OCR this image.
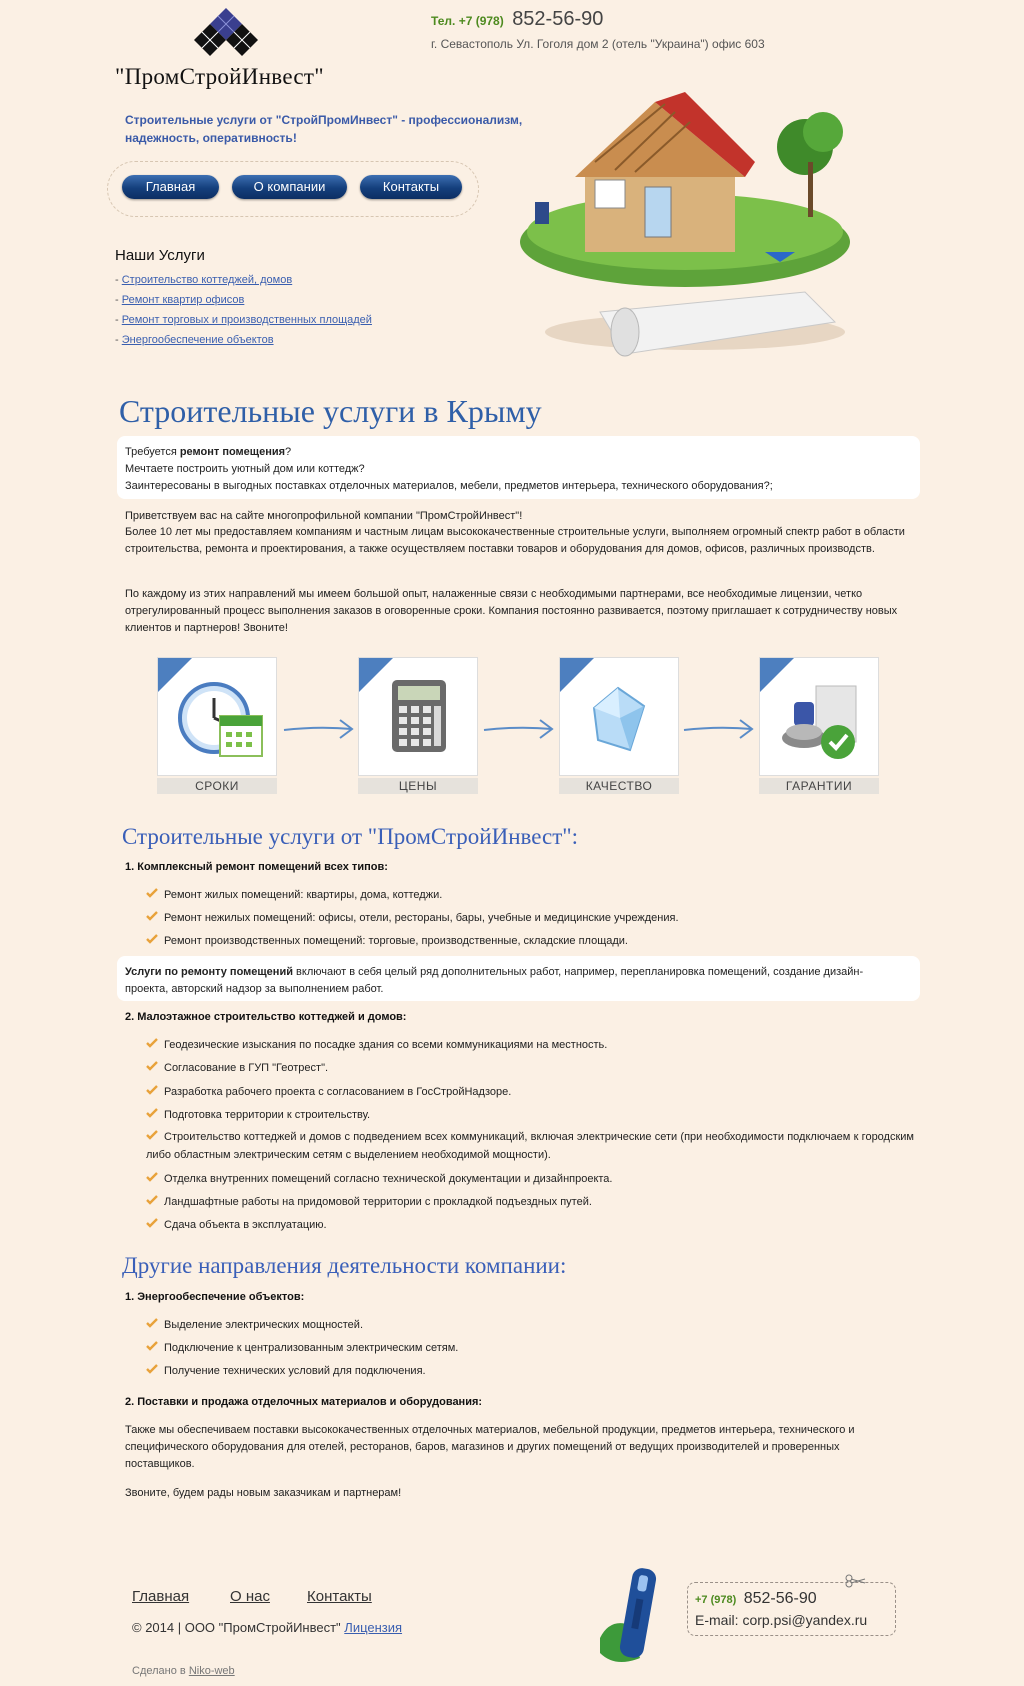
"ПромСтройИнвест"
Тел. +7 (978) 852-56-90
г. Севастополь Ул. Гоголя дом 2 (отель "Украина") офис 603
Строительные услуги от "СтройПромИнвест" - профессионализм, надежность, оперативность!
Главная	О компании	Контакты
Наши Услуги
- Строительство коттеджей, домов
- Ремонт квартир офисов
- Ремонт торговых и производственных площадей
- Энергообеспечение объектов
Строительные услуги в Крыму
Требуется ремонт помещения?
Мечтаете построить уютный дом или коттедж?
Заинтересованы в выгодных поставках отделочных материалов, мебели, предметов интерьера, технического оборудования?;
Приветствуем вас на сайте многопрофильной компании "ПромСтройИнвест"!
Более 10 лет мы предоставляем компаниям и частным лицам высококачественные строительные услуги, выполняем огромный спектр работ в области строительства, ремонта и проектирования, а также осуществляем поставки товаров и оборудования для домов, офисов, различных производств.
По каждому из этих направлений мы имеем большой опыт, налаженные связи с необходимыми партнерами, все необходимые лицензии, четко отрегулированный процесс выполнения заказов в оговоренные сроки. Компания постоянно развивается, поэтому приглашает к сотрудничеству новых клиентов и партнеров! Звоните!
СРОКИ	ЦЕНЫ	КАЧЕСТВО	ГАРАНТИИ
Строительные услуги от "ПромСтройИнвест":
1. Комплексный ремонт помещений всех типов:
Ремонт жилых помещений: квартиры, дома, коттеджи.
Ремонт нежилых помещений: офисы, отели, рестораны, бары, учебные и медицинские учреждения.
Ремонт производственных помещений: торговые, производственные, складские площади.
Услуги по ремонту помещений включают в себя целый ряд дополнительных работ, например, перепланировка помещений, создание дизайн-проекта, авторский надзор за выполнением работ.
2. Малоэтажное строительство коттеджей и домов:
Геодезические изыскания по посадке здания со всеми коммуникациями на местность.
Согласование в ГУП "Геотрест".
Разработка рабочего проекта с согласованием в ГосСтройНадзоре.
Подготовка территории к строительству.
Строительство коттеджей и домов с подведением всех коммуникаций, включая электрические сети (при необходимости подключаем к городским либо областным электрическим сетям с выделением необходимой мощности).
Отделка внутренних помещений согласно технической документации и дизайнпроекта.
Ландшафтные работы на придомовой территории с прокладкой подъездных путей.
Сдача объекта в эксплуатацию.
Другие направления деятельности компании:
1. Энергообеспечение объектов:
Выделение электрических мощностей.
Подключение к централизованным электрическим сетям.
Получение технических условий для подключения.
2. Поставки и продажа отделочных материалов и оборудования:
Также мы обеспечиваем поставки высококачественных отделочных материалов, мебельной продукции, предметов интерьера, технического и специфического оборудования для отелей, ресторанов, баров, магазинов и других помещений от ведущих производителей и проверенных поставщиков.
Звоните, будем рады новым заказчикам и партнерам!
Главная	О нас Контакты
© 2014 | ООО "ПромСтройИнвест" Лицензия
Сделано в Niko-web
+7 (978) 852-56-90
E-mail: corp.psi@yandex.ru
